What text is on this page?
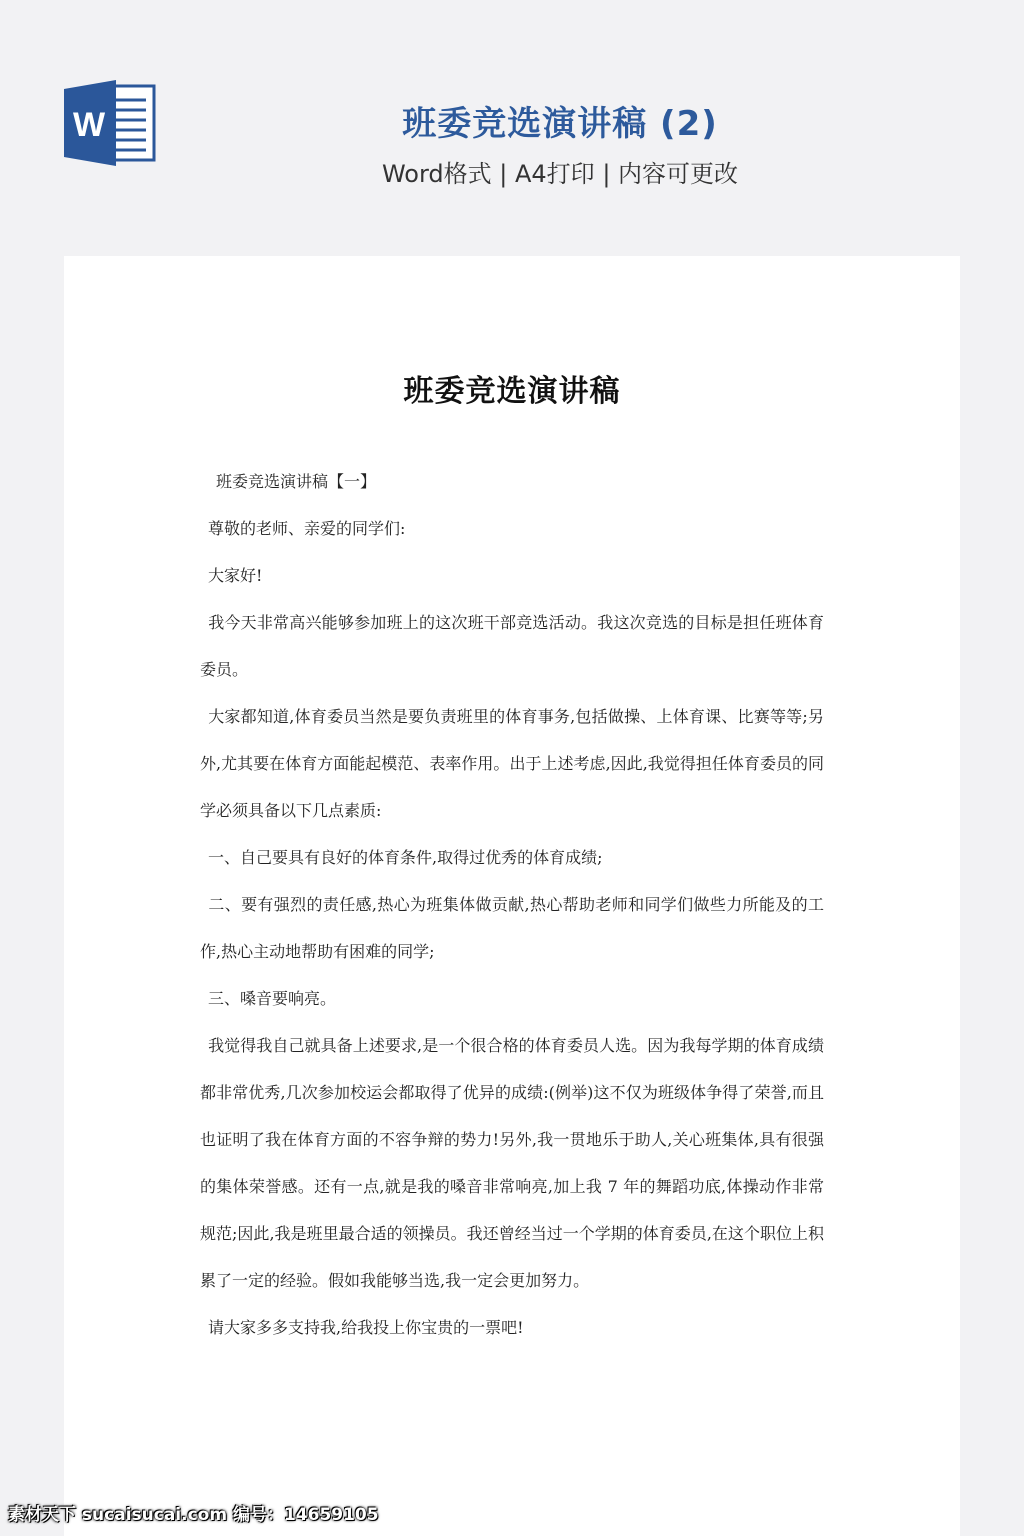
W	班委竞选演讲稿 (2)
Word格式 | A4打印 | 内容可更改
班委竞选演讲稿

班委竞选演讲稿【一】

尊敬的老师、亲爱的同学们:

大家好!

我今天非常高兴能够参加班上的这次班干部竞选活动。我这次竞选的目标是担任班体育委员。

大家都知道,体育委员当然是要负责班里的体育事务,包括做操、上体育课、比赛等等;另外,尤其要在体育方面能起模范、表率作用。出于上述考虑,因此,我觉得担任体育委员的同学必须具备以下几点素质:

一、自己要具有良好的体育条件,取得过优秀的体育成绩;

二、要有强烈的责任感,热心为班集体做贡献,热心帮助老师和同学们做些力所能及的工作,热心主动地帮助有困难的同学;

三、嗓音要响亮。

我觉得我自己就具备上述要求,是一个很合格的体育委员人选。因为我每学期的体育成绩都非常优秀,几次参加校运会都取得了优异的成绩:(例举)这不仅为班级体争得了荣誉,而且也证明了我在体育方面的不容争辩的势力!另外,我一贯地乐于助人,关心班集体,具有很强的集体荣誉感。还有一点,就是我的嗓音非常响亮,加上我 7 年的舞蹈功底,体操动作非常规范;因此,我是班里最合适的领操员。我还曾经当过一个学期的体育委员,在这个职位上积累了一定的经验。假如我能够当选,我一定会更加努力。

请大家多多支持我,给我投上你宝贵的一票吧!

素材天下 sucaisucai.com 编号：14659105
